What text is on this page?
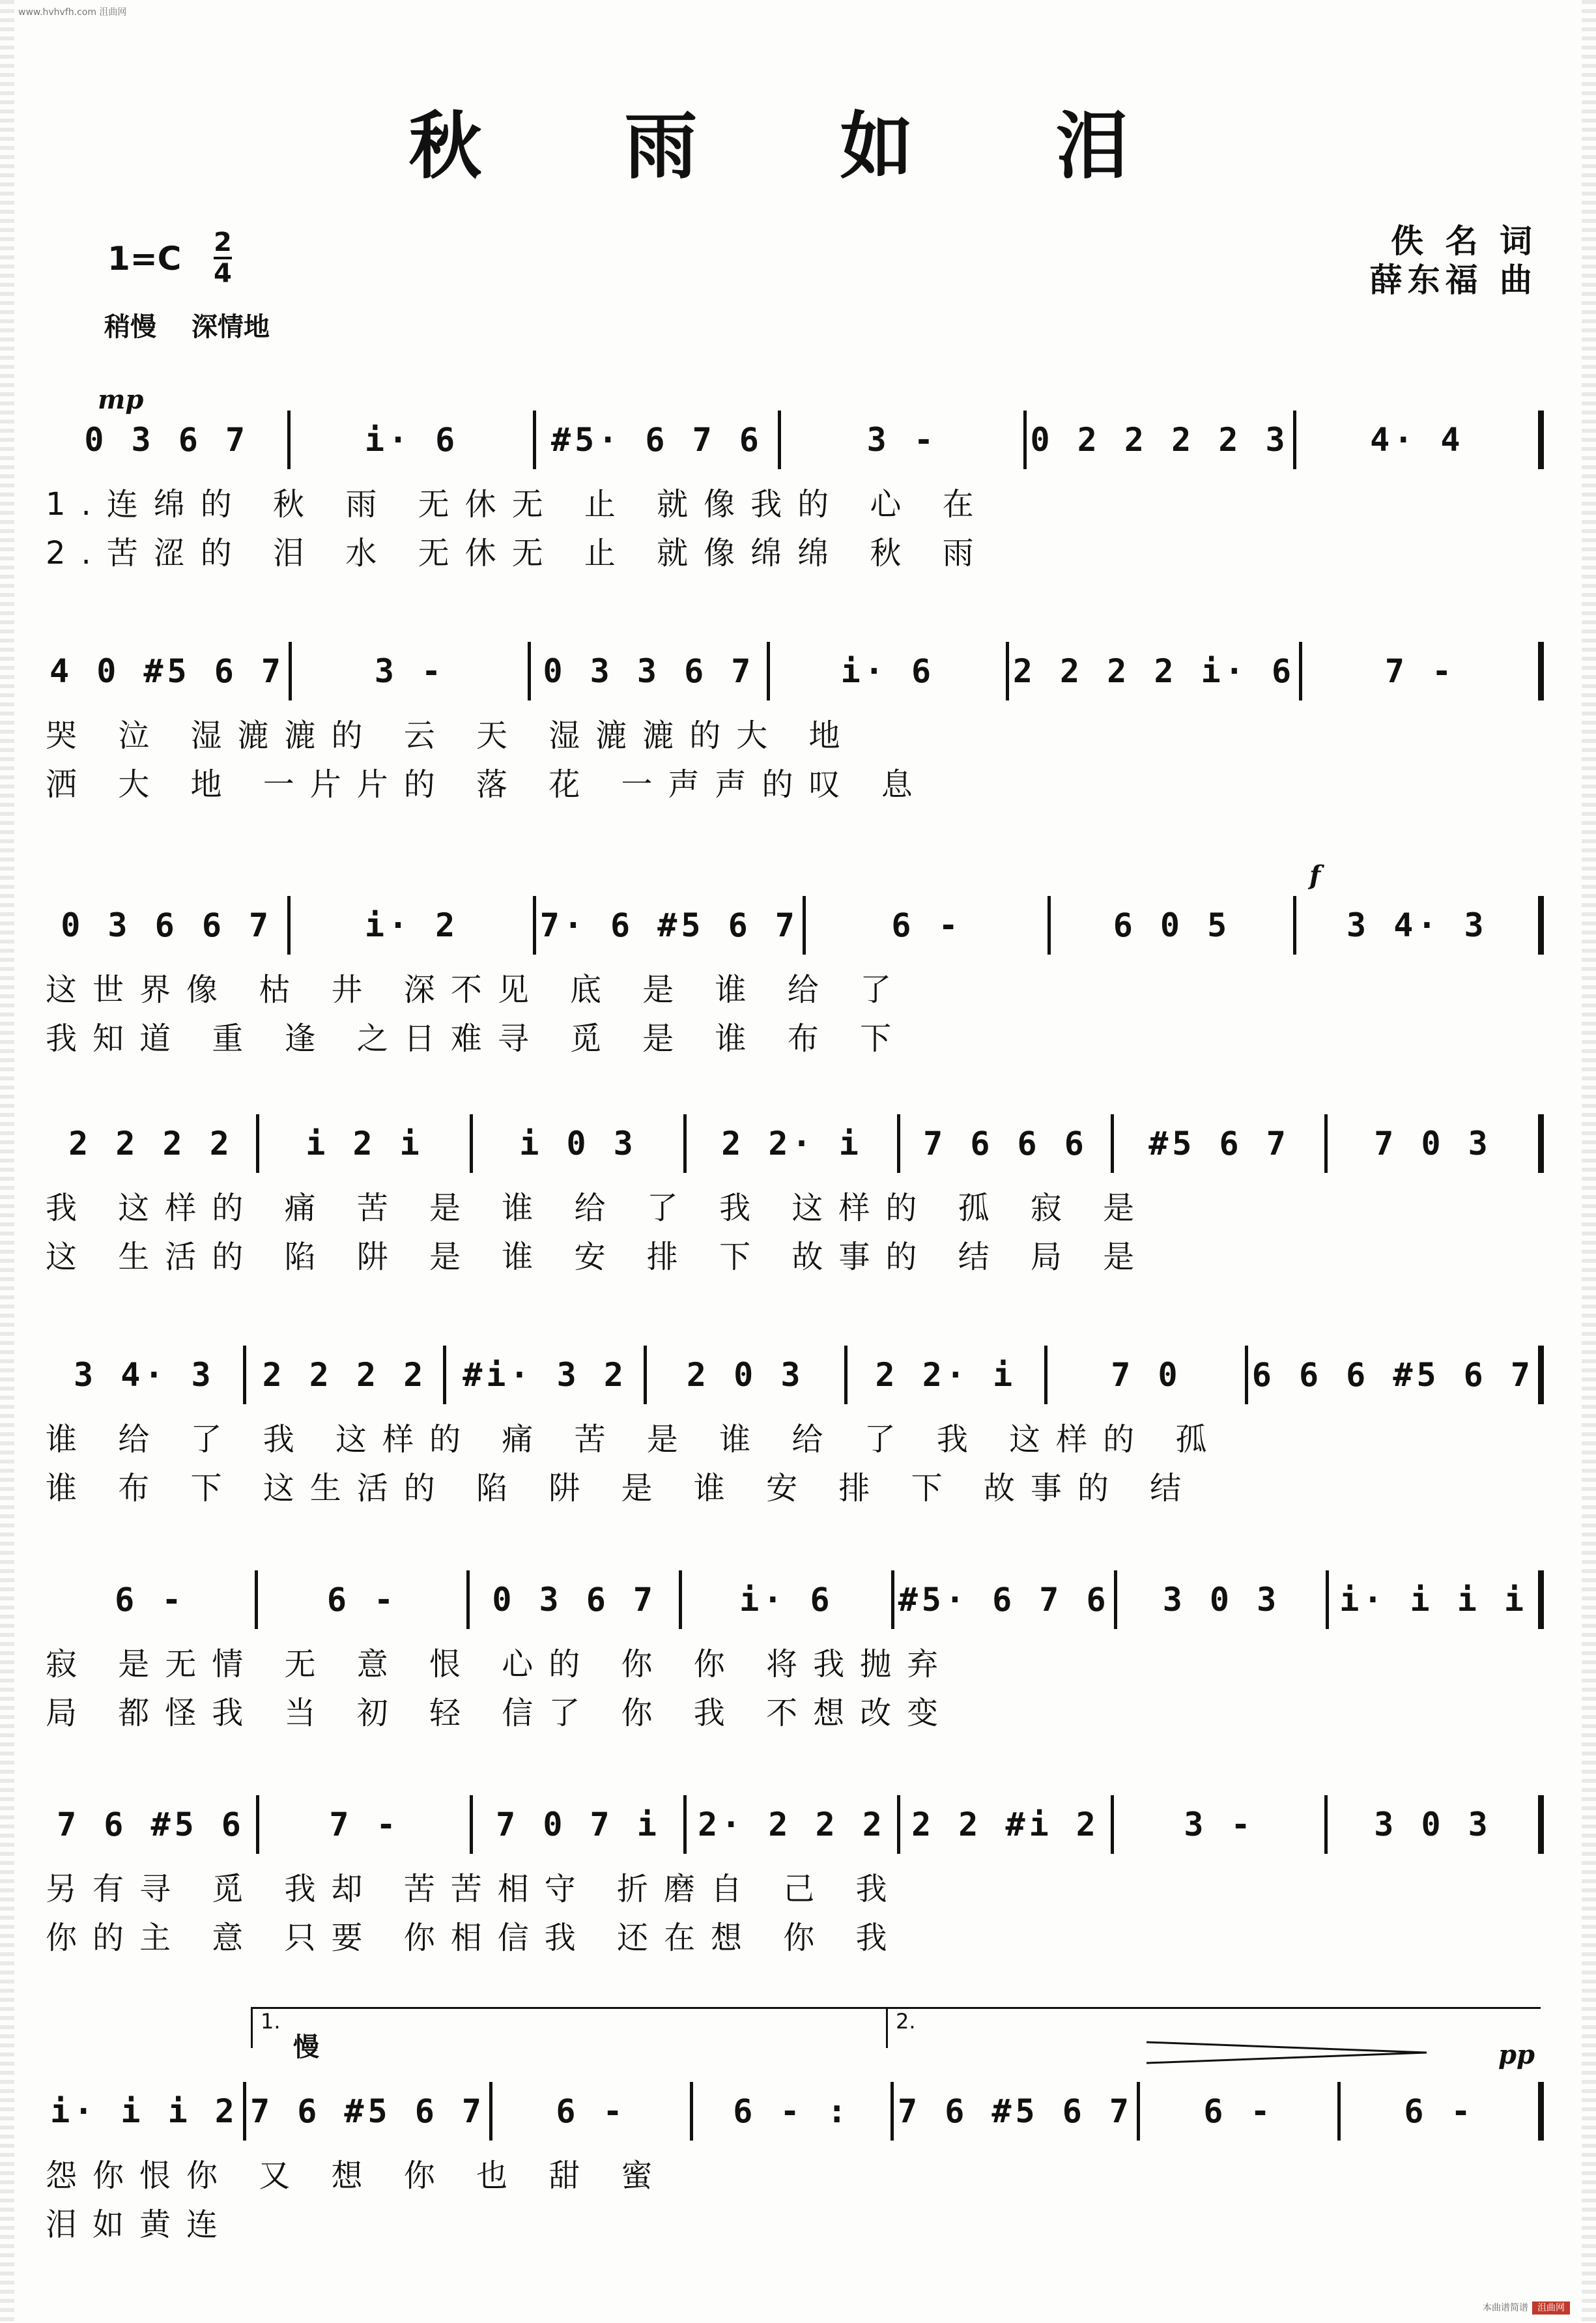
www.hvhvfh.com 沮曲网
秋 雨 如 泪
佚 名 词
薛东福 曲
$1=C \frac{2}{4}$
稍慢 深情地
mp
f
pp
慢
1.	2.
0 3 6 7	i· 6	#5· 6 7 6	3 -	0 2 2 2 2 3	4· 4
1.连绵的 秋 雨 无休无 止 就像我的 心 在
2.苦涩的 泪 水 无休无 止 就像绵绵 秋 雨
4 0 #5 6 7	3 -	0 3 3 6 7	i· 6	2 2 2 2 i· 6	7 -
哭 泣 湿漉漉的 云 天 湿漉漉的大 地
洒 大 地 一片片的 落 花 一声声的叹 息
0 3 6 6 7	i· 2	7· 6 #5 6 7	6 -	6 0 5	3 4· 3
这世界像 枯 井 深不见 底 是 谁 给 了
我知道 重 逢 之日难寻 觅 是 谁 布 下
2 2 2 2	i 2 i	i 0 3	2 2· i	7 6 6 6	#5 6 7	7 0 3
我 这样的 痛 苦 是 谁 给 了 我 这样的 孤 寂 是
这 生活的 陷 阱 是 谁 安 排 下 故事的 结 局 是
3 4· 3	2 2 2 2	#i· 3 2	2 0 3	2 2· i	7 0	6 6 6 #5 6 7
谁 给 了 我 这样的 痛 苦 是 谁 给 了 我 这样的 孤
谁 布 下 这生活的 陷 阱 是 谁 安 排 下 故事的 结
6 -	6 -	0 3 6 7	i· 6	#5· 6 7 6	3 0 3	i· i i i
寂 是无情 无 意 恨 心的 你 你 将我抛弃
局 都怪我 当 初 轻 信了 你 我 不想改变
7 6 #5 6	7 -	7 0 7 i	2· 2 2 2 2 2 #i 2	3 -	3 0 3
另有寻 觅 我却 苦苦相守 折磨自 己 我
你的主 意 只要 你相信我 还在想 你 我
i· i i 2 7 6 #5 6 7	6 -	6 - :	7 6 #5 6 7	6 -	6 -
怨你恨你 又 想 你 也 甜 蜜
泪如黄连
本曲谱简谱 沮曲网
